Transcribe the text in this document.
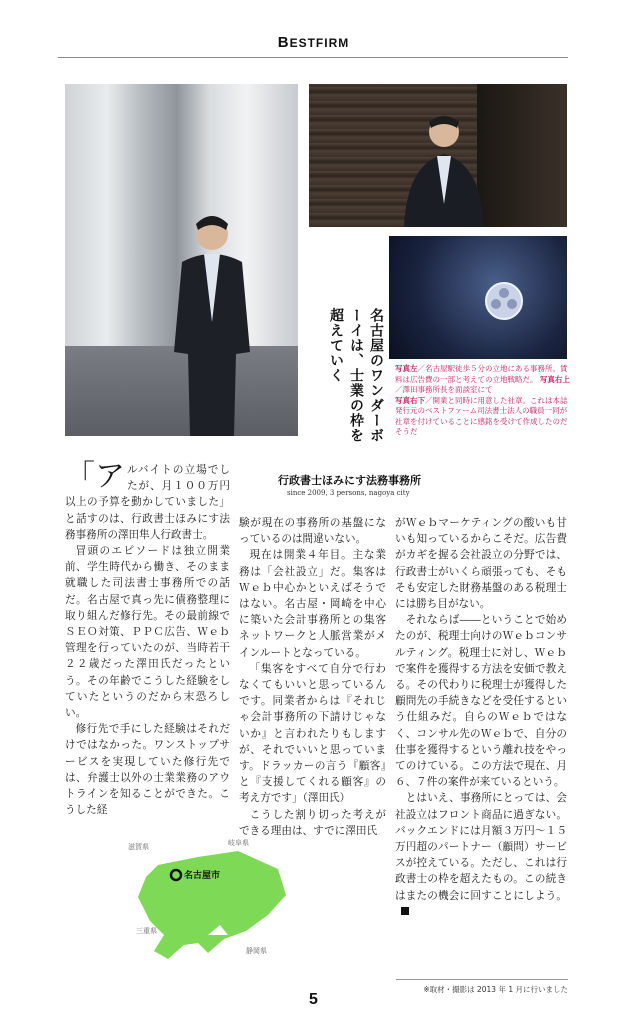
BESTFIRM
名古屋のワンダーボーイは、士業の枠を超えていく	写真左／名古屋駅徒歩５分の立地にある事務所。賃料は広告費の一部と考えての立地戦略だ。 写真右上／澤田事務所長を面談室にて
写真右下／開業と同時に用意した社章。これは本誌発行元のベストファーム司法書士法人の職員一同が社章を付けていることに感銘を受けて作成したのだそうだ
行政書士ほみにす法務事務所
since 2009, 3 persons, nagoya city

「アルバイトの立場でしたが、月１００万円以上の予算を動かしていました」と話すのは、行政書士ほみにす法務事務所の澤田隼人行政書士。

冒頭のエピソードは独立開業前、学生時代から働き、そのまま就職した司法書士事務所での話だ。名古屋で真っ先に債務整理に取り組んだ修行先。その最前線でＳＥＯ対策、ＰＰＣ広告、Ｗｅｂ管理を行っていたのが、当時若干２２歳だった澤田氏だったという。その年齢でこうした経験をしていたというのだから末恐ろしい。

修行先で手にした経験はそれだけではなかった。ワンストップサービスを実現していた修行先では、弁護士以外の士業業務のアウトラインを知ることができた。こうした経

験が現在の事務所の基盤になっているのは間違いない。

現在は開業４年目。主な業務は「会社設立」だ。集客はＷｅｂ中心かといえばそうではない。名古屋・岡崎を中心に築いた会計事務所との集客ネットワークと人脈営業がメインルートとなっている。

「集客をすべて自分で行わなくてもいいと思っているんです。同業者からは『それじゃ会計事務所の下請けじゃないか』と言われたりもしますが、それでいいと思っています。ドラッカーの言う『顧客』と『支援してくれる顧客』の考え方です」（澤田氏）

こうした割り切った考えができる理由は、すでに澤田氏

がＷｅｂマーケティングの酸いも甘いも知っているからこそだ。広告費がカギを握る会社設立の分野では、行政書士がいくら頑張っても、そもそも安定した財務基盤のある税理士には勝ち目がない。

それならば――ということで始めたのが、税理士向けのＷｅｂコンサルティング。税理士に対し、Ｗｅｂで案件を獲得する方法を安価で教える。その代わりに税理士が獲得した顧問先の手続きなどを受任するという仕組みだ。自らのＷｅｂではなく、コンサル先のＷｅｂで、自分の仕事を獲得するという離れ技をやってのけている。この方法で現在、月６、７件の案件が来ているという。

とはいえ、事務所にとっては、会社設立はフロント商品に過ぎない。バックエンドには月額３万円〜１５万円超のパートナー（顧問）サービスが控えている。ただし、これは行政書士の枠を超えたもの。この続きはまたの機会に回すことにしよう。

滋賀県	岐阜県
名古屋市
三重県
静岡県
※取材・撮影は 2013 年 1 月に行いました
5
